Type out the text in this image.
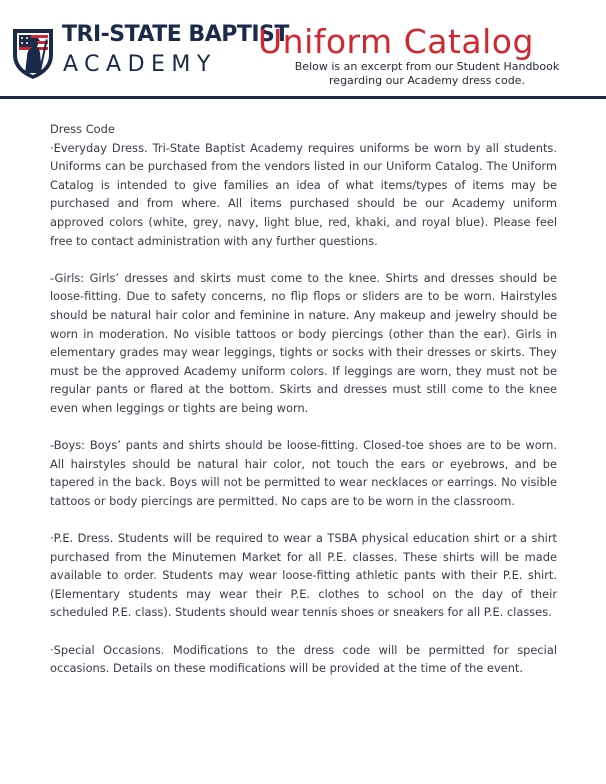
TRI-STATE BAPTIST
ACADEMY
Uniform Catalog
Below is an excerpt from our Student Handbook regarding our Academy dress code.

Dress Code

·Everyday Dress. Tri-State Baptist Academy requires uniforms be worn by all students. Uniforms can be purchased from the vendors listed in our Uniform Catalog. The Uniform Catalog is intended to give families an idea of what items/types of items may be purchased and from where. All items purchased should be our Academy uniform approved colors (white, grey, navy, light blue, red, khaki, and royal blue). Please feel free to contact administration with any further questions.

-Girls: Girls’ dresses and skirts must come to the knee. Shirts and dresses should be loose-fitting. Due to safety concerns, no flip flops or sliders are to be worn. Hairstyles should be natural hair color and feminine in nature. Any makeup and jewelry should be worn in moderation. No visible tattoos or body piercings (other than the ear). Girls in elementary grades may wear leggings, tights or socks with their dresses or skirts. They must be the approved Academy uniform colors. If leggings are worn, they must not be regular pants or flared at the bottom. Skirts and dresses must still come to the knee even when leggings or tights are being worn.

-Boys: Boys’ pants and shirts should be loose-fitting. Closed-toe shoes are to be worn. All hairstyles should be natural hair color, not touch the ears or eyebrows, and be tapered in the back. Boys will not be permitted to wear necklaces or earrings. No visible tattoos or body piercings are permitted. No caps are to be worn in the classroom.

·P.E. Dress. Students will be required to wear a TSBA physical education shirt or a shirt purchased from the Minutemen Market for all P.E. classes. These shirts will be made available to order. Students may wear loose-fitting athletic pants with their P.E. shirt. (Elementary students may wear their P.E. clothes to school on the day of their scheduled P.E. class). Students should wear tennis shoes or sneakers for all P.E. classes.

·Special Occasions. Modifications to the dress code will be permitted for special occasions. Details on these modifications will be provided at the time of the event.
